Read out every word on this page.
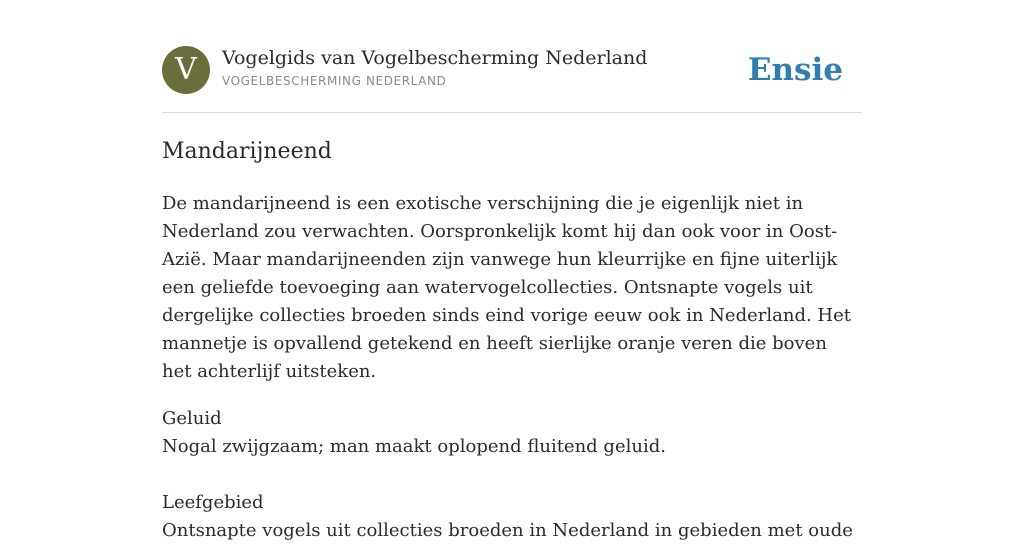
V	Vogelgids van Vogelbescherming Nederland
VOGELBESCHERMING NEDERLAND	Ensie
Mandarijneend

De mandarijneend is een exotische verschijning die je eigenlijk niet in Nederland zou verwachten. Oorspronkelijk komt hij dan ook voor in Oost-Azië. Maar mandarijneenden zijn vanwege hun kleurrijke en fijne uiterlijk een geliefde toevoeging aan watervogelcollecties. Ontsnapte vogels uit dergelijke collecties broeden sinds eind vorige eeuw ook in Nederland. Het mannetje is opvallend getekend en heeft sierlijke oranje veren die boven het achterlijf uitsteken.

Geluid
Nogal zwijgzaam; man maakt oplopend fluitend geluid.
Leefgebied
Ontsnapte vogels uit collecties broeden in Nederland in gebieden met oude
